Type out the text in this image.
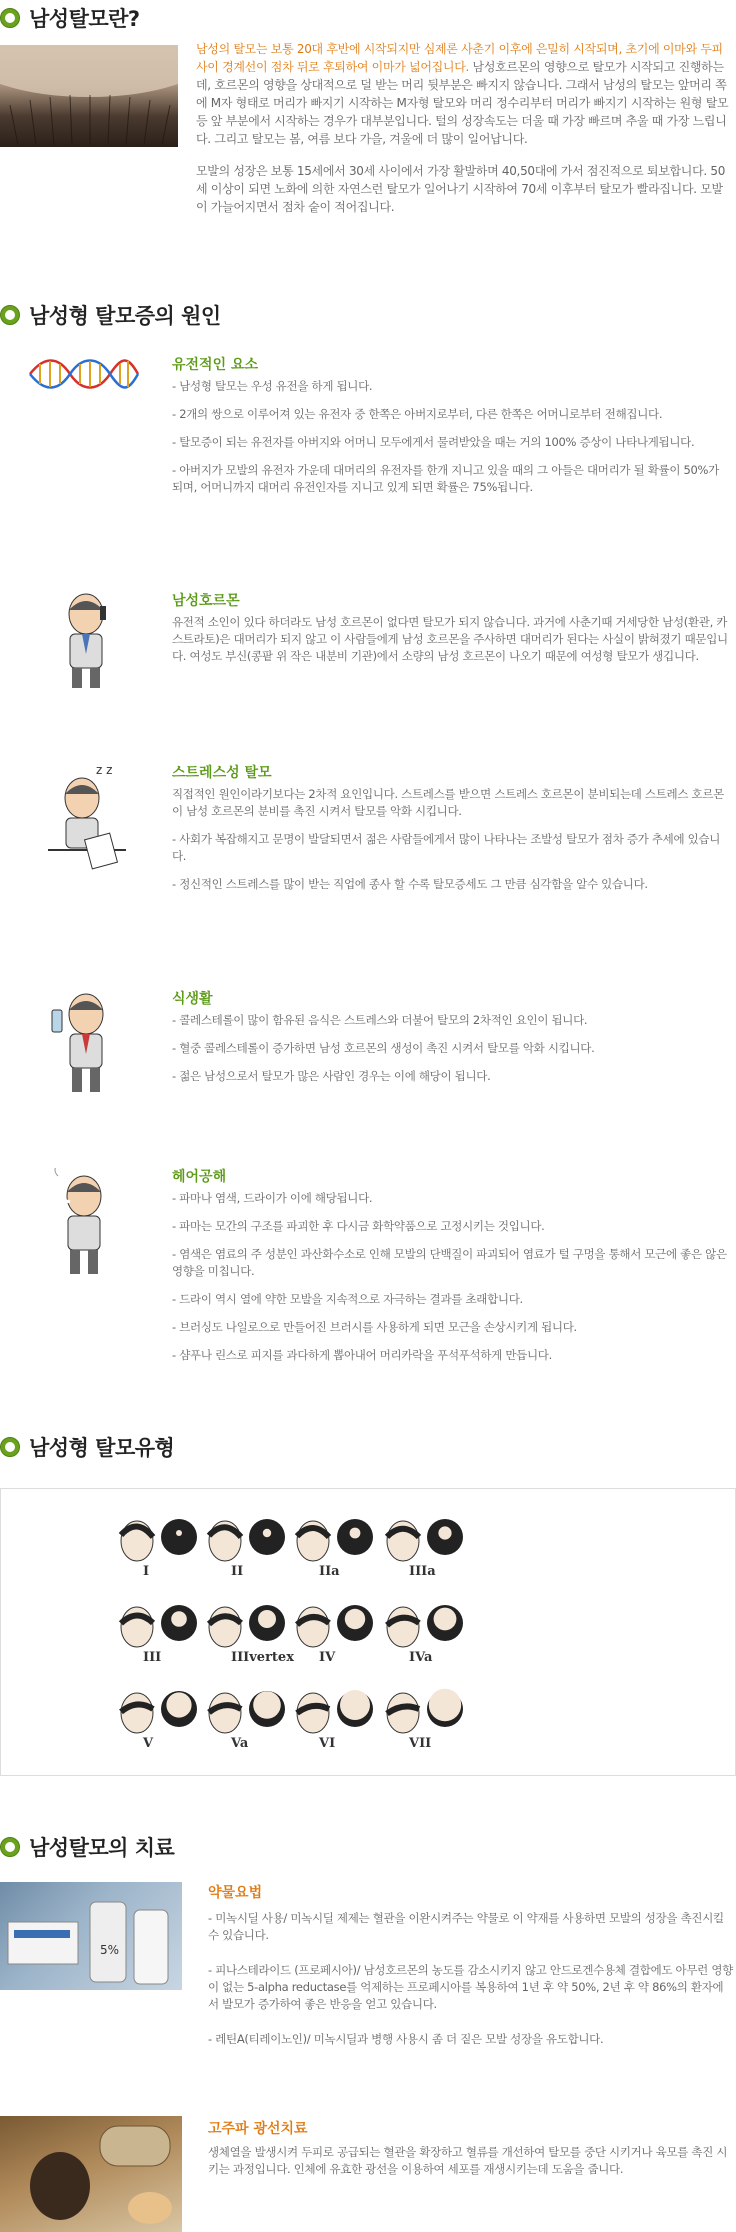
남성탈모란?

남성의 탈모는 보통 20대 후반에 시작되지만 심제론 사춘기 이후에 은밀히 시작되며, 초기에 이마와 두피사이 경계선이 점차 뒤로 후퇴하여 이마가 넓어집니다. 남성호르몬의 영향으로 탈모가 시작되고 진행하는데, 호르몬의 영향을 상대적으로 덜 받는 머리 뒷부분은 빠지지 않습니다. 그래서 남성의 탈모는 앞머리 쪽에 M자 형태로 머리가 빠지기 시작하는 M자형 탈모와 머리 정수리부터 머리가 빠지기 시작하는 원형 탈모 등 앞 부분에서 시작하는 경우가 대부분입니다. 털의 성장속도는 더울 때 가장 빠르며 추울 때 가장 느립니다. 그리고 탈모는 봄, 여름 보다 가을, 겨울에 더 많이 일어납니다.

모발의 성장은 보통 15세에서 30세 사이에서 가장 활발하며 40,50대에 가서 점진적으로 퇴보합니다. 50세 이상이 되면 노화에 의한 자연스런 탈모가 일어나기 시작하여 70세 이후부터 탈모가 빨라집니다. 모발이 가늘어지면서 점차 숱이 적어집니다.

남성형 탈모증의 원인
유전적인 요소
- 남성형 탈모는 우성 유전을 하게 됩니다.
- 2개의 쌍으로 이루어져 있는 유전자 중 한쪽은 아버지로부터, 다른 한쪽은 어머니로부터 전해집니다.
- 탈모증이 되는 유전자를 아버지와 어머니 모두에게서 물려받았을 때는 거의 100% 증상이 나타나게됩니다.
- 아버지가 모발의 유전자 가운데 대머리의 유전자를 한개 지니고 있을 때의 그 아들은 대머리가 될 확률이 50%가 되며, 어머니까지 대머리 유전인자를 지니고 있게 되면 확률은 75%됩니다.
남성호르몬
유전적 소인이 있다 하더라도 남성 호르몬이 없다면 탈모가 되지 않습니다. 과거에 사춘기때 거세당한 남성(환관, 카스트라토)은 대머리가 되지 않고 이 사람들에게 남성 호르몬을 주사하면 대머리가 된다는 사실이 밝혀졌기 때문입니다. 여성도 부신(콩팥 위 작은 내분비 기관)에서 소량의 남성 호르몬이 나오기 때문에 여성형 탈모가 생깁니다.
z z	스트레스성 탈모
직접적인 원인이라기보다는 2차적 요인입니다. 스트레스를 받으면 스트레스 호르몬이 분비되는데 스트레스 호르몬이 남성 호르몬의 분비를 촉진 시켜서 탈모를 악화 시킵니다.
- 사회가 복잡해지고 문명이 발달되면서 젊은 사람들에게서 많이 나타나는 조발성 탈모가 점차 증가 추세에 있습니다.
- 정신적인 스트레스를 많이 받는 직업에 종사 할 수록 탈모증세도 그 만큼 심각함을 알수 있습니다.
식생활
- 콜레스테롤이 많이 함유된 음식은 스트레스와 더불어 탈모의 2차적인 요인이 됩니다.
- 혈중 콜레스테롤이 증가하면 남성 호르몬의 생성이 촉진 시켜서 탈모를 악화 시킵니다.
- 젊은 남성으로서 탈모가 많은 사람인 경우는 이에 해당이 됩니다.
헤어공해
- 파마나 염색, 드라이가 이에 해당됩니다.
- 파마는 모간의 구조를 파괴한 후 다시금 화학약품으로 고정시키는 것입니다.
- 염색은 염료의 주 성분인 과산화수소로 인해 모발의 단백질이 파괴되어 염료가 털 구멍을 통해서 모근에 좋은 않은 영향을 미칩니다.
- 드라이 역시 열에 약한 모발을 지속적으로 자극하는 결과를 초래합니다.
- 브러싱도 나일로으로 만들어진 브러시를 사용하게 되면 모근을 손상시키게 됩니다.
- 샴푸나 린스로 피지를 과다하게 뽑아내어 머리카락을 푸석푸석하게 만듭니다.
남성형 탈모유형
I	II	IIa	IIIa
III	IIIvertex IV	IVa
V	Va	VI	VII
남성탈모의 치료
5%
약물요법
- 미녹시딜 사용/ 미녹시딜 제제는 혈관을 이완시켜주는 약물로 이 약재를 사용하면 모발의 성장을 촉진시킬 수 있습니다.
- 피나스테라이드 (프로페시아)/ 남성호르몬의 농도를 감소시키지 않고 안드로겐수용체 결합에도 아무런 영향이 없는 5-alpha reductase를 억제하는 프로페시아를 복용하여 1년 후 약 50%, 2년 후 약 86%의 환자에서 발모가 증가하여 좋은 반응을 얻고 있습니다.
- 레틴A(티레이노인)/ 미녹시딜과 병행 사용시 좀 더 짙은 모발 성장을 유도합니다.
고주파 광선치료
생체열을 발생시켜 두피로 공급되는 혈관을 확장하고 혈류를 개선하여 탈모를 중단 시키거나 육모를 촉진 시키는 과정입니다. 인체에 유효한 광선을 이용하여 세포를 재생시키는데 도움을 줍니다.
